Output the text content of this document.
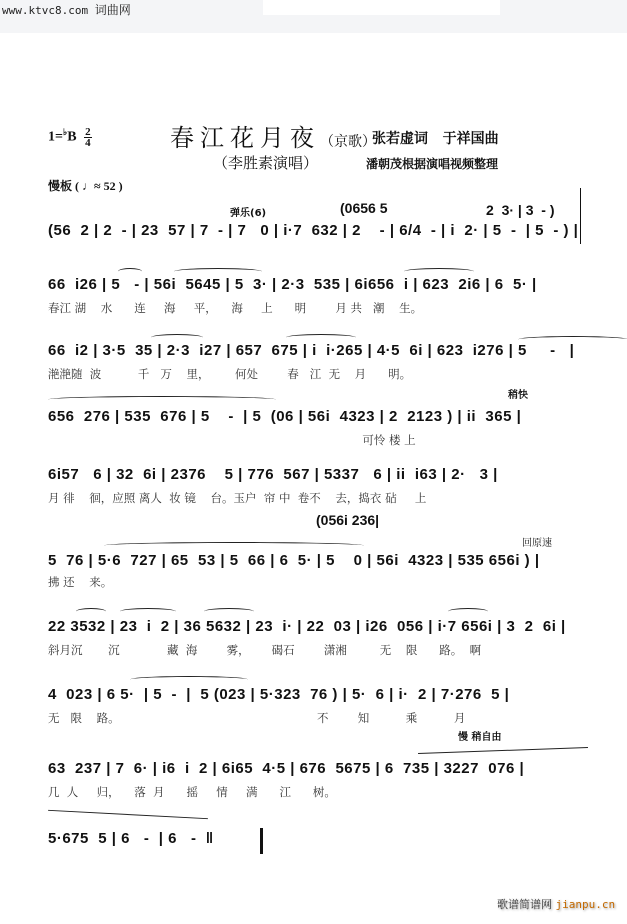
www.ktvc8.com 词曲网
$1=^♭B \frac{2}{4}$	春江花月夜（京歌）
张若虚词 于祥国曲
（李胜素演唱）	潘朝茂根据演唱视频整理
慢板 ( ♩≈ 52 )
弹乐(6)	(0656 5	2  3· | 3  - )
(56  2 | 2  - | 23  57 | 7  - | 7   0 | i·7  632 | 2    - | 6/4  - | i  2· | 5  -  | 5  - ) |
66  i26 | 5   - | 56i  5645 | 5  3· | 2·3  535 | 6i656  i | 623  2i6 | 6  5· |
春江 湖    水      连     海     平，    海     上      明        月 共   潮    生。
66  i2 | 3·5  35 | 2·3  i27 | 657  675 | i  i·265 | 4·5  6i | 623  i276 | 5     -   |
滟滟随  波          千   万    里，       何处        春   江  无    月      明。
稍快
656  276 | 535  676 | 5    -  | 5  (06 | 56i  4323 | 2  2123 ) | ii  365 |
可怜 楼 上
6i57   6 | 32  6i | 2376    5 | 776  567 | 5337   6 | ii  i63 | 2·   3 |
月 徘    徊，应照 离人  妆 镜    台。玉户  帘 中  卷不    去，捣衣 砧     上
(056i 236|
回原速
5  76 | 5·6  727 | 65  53 | 5  66 | 6  5· | 5    0 | 56i  4323 | 535 656i ) |
拂 还    来。
22 3532 | 23  i  2 | 36 5632 | 23  i· | 22  03 | i26  056 | i·7 656i | 3  2  6i |
斜月沉       沉             藏  海        雾，      碣石        潇湘         无    限      路。  啊
4  023 | 6 5·  | 5  -  |  5 (023 | 5·323  76 ) | 5·  6 | i·  2 | 7·276  5 |
无   限    路。                                                      不        知          乘          月
慢 稍自由
63  237 | 7  6· | i6  i  2 | 6i65  4·5 | 676  5675 | 6  735 | 3227  076 |
几  人     归，    落  月      摇     情     满      江      树。
5·675  5 | 6   -  | 6   -  ‖
歌谱简谱网 jianpu.cn
